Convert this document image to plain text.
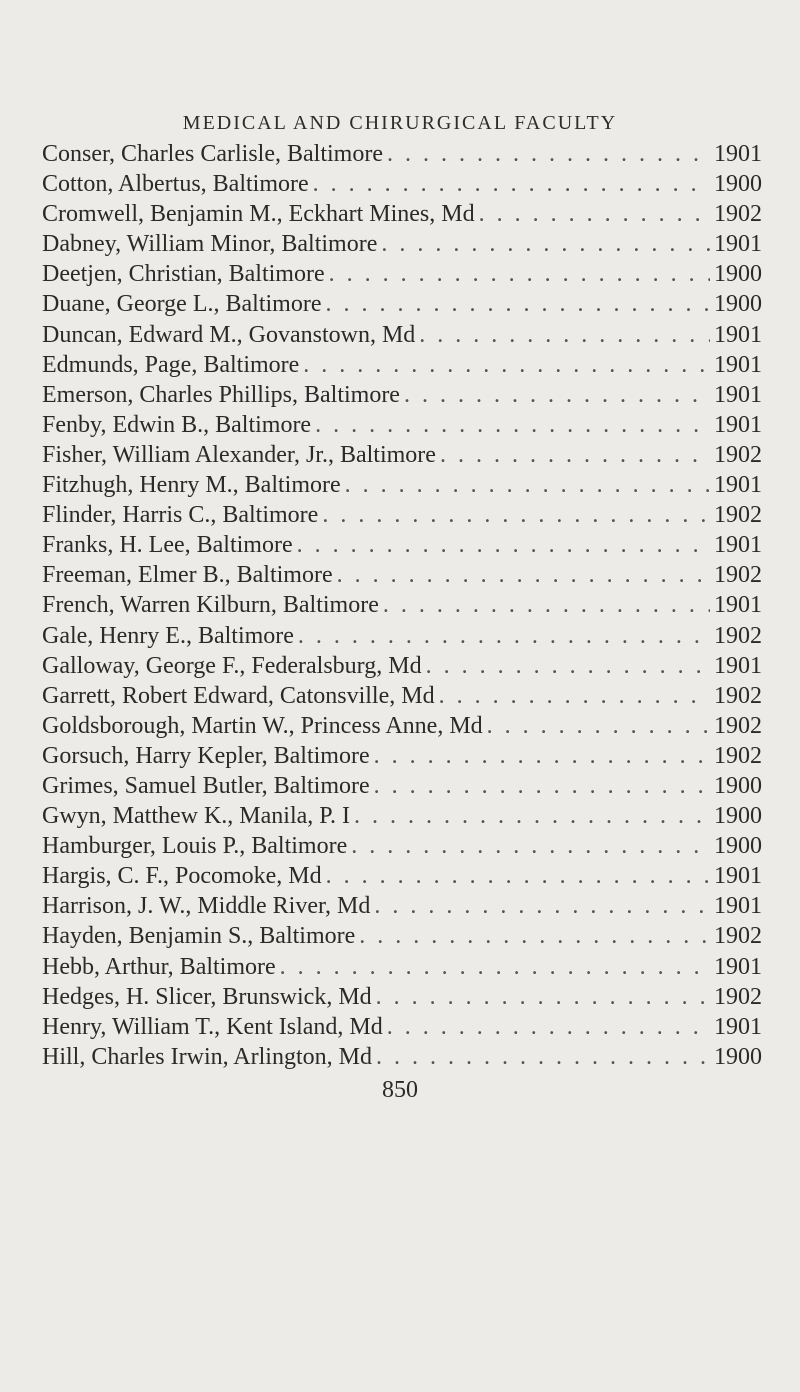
MEDICAL AND CHIRURGICAL FACULTY
Conser, Charles Carlisle, Baltimore . . .	1901
Cotton, Albertus, Baltimore . . .	1900
Cromwell, Benjamin M., Eckhart Mines, Md . . .	1902
Dabney, William Minor, Baltimore . . .	1901
Deetjen, Christian, Baltimore . . .	1900
Duane, George L., Baltimore . . .	1900
Duncan, Edward M., Govanstown, Md . . .	1901
Edmunds, Page, Baltimore . . .	1901
Emerson, Charles Phillips, Baltimore . . .	1901
Fenby, Edwin B., Baltimore . . .	1901
Fisher, William Alexander, Jr., Baltimore . . .	1902
Fitzhugh, Henry M., Baltimore . . .	1901
Flinder, Harris C., Baltimore . . .	1902
Franks, H. Lee, Baltimore . . .	1901
Freeman, Elmer B., Baltimore . . .	1902
French, Warren Kilburn, Baltimore . . .	1901
Gale, Henry E., Baltimore . . .	1902
Galloway, George F., Federalsburg, Md . . .	1901
Garrett, Robert Edward, Catonsville, Md . . .	1902
Goldsborough, Martin W., Princess Anne, Md . . .	1902
Gorsuch, Harry Kepler, Baltimore . . .	1902
Grimes, Samuel Butler, Baltimore . . .	1900
Gwyn, Matthew K., Manila, P. I . . .	1900
Hamburger, Louis P., Baltimore . . .	1900
Hargis, C. F., Pocomoke, Md . . .	1901
Harrison, J. W., Middle River, Md . . .	1901
Hayden, Benjamin S., Baltimore . . .	1902
Hebb, Arthur, Baltimore . . .	1901
Hedges, H. Slicer, Brunswick, Md . . .	1902
Henry, William T., Kent Island, Md . . .	1901
Hill, Charles Irwin, Arlington, Md . . .	1900
850
